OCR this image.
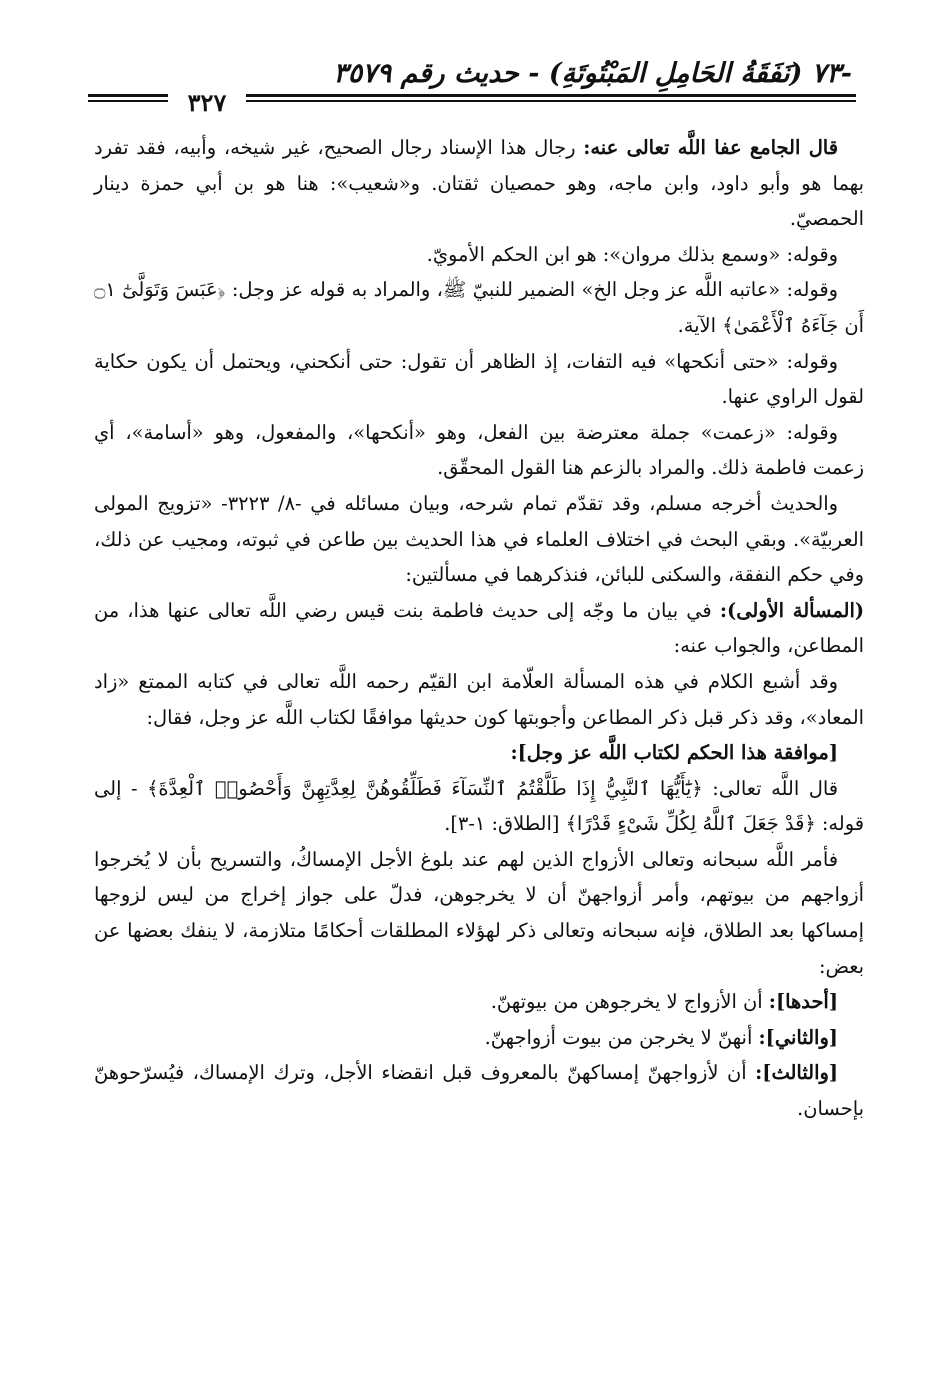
-٧٣ (نَفَقَةُ الحَامِلِ المَبْتُوتَةِ) - حديث رقم ٣٥٧٩
٣٢٧

قال الجامع عفا اللَّه تعالى عنه: رجال هذا الإسناد رجال الصحيح، غير شيخه، وأبيه، فقد تفرد بهما هو وأبو داود، وابن ماجه، وهو حمصيان ثقتان. و«شعيب»: هنا هو بن أبي حمزة دينار الحمصيّ.

وقوله: «وسمع بذلك مروان»: هو ابن الحكم الأمويّ.

وقوله: «عاتبه اللَّه عز وجل الخ» الضمير للنبيّ ﷺ، والمراد به قوله عز وجل: ﴿عَبَسَ وَتَوَلَّىٰٓ ۝١ أَن جَآءَهُ ٱلْأَعْمَىٰ﴾ الآية.

وقوله: «حتى أنكحها» فيه التفات، إذ الظاهر أن تقول: حتى أنكحني، ويحتمل أن يكون حكاية لقول الراوي عنها.

وقوله: «زعمت» جملة معترضة بين الفعل، وهو «أنكحها»، والمفعول، وهو «أسامة»، أي زعمت فاطمة ذلك. والمراد بالزعم هنا القول المحقّق.

والحديث أخرجه مسلم، وقد تقدّم تمام شرحه، وبيان مسائله في -٨/ ٣٢٢٣- «تزويج المولى العربيّة». وبقي البحث في اختلاف العلماء في هذا الحديث بين طاعن في ثبوته، ومجيب عن ذلك، وفي حكم النفقة، والسكنى للبائن، فنذكرهما في مسألتين:

(المسألة الأولى): في بيان ما وجّه إلى حديث فاطمة بنت قيس رضي اللَّه تعالى عنها هذا، من المطاعن، والجواب عنه:

وقد أشبع الكلام في هذه المسألة العلّامة ابن القيّم رحمه اللَّه تعالى في كتابه الممتع «زاد المعاد»، وقد ذكر قبل ذكر المطاعن وأجوبتها كون حديثها موافقًا لكتاب اللَّه عز وجل، فقال:

[موافقة هذا الحكم لكتاب اللَّه عز وجل]:

قال اللَّه تعالى: ﴿يَٰٓأَيُّهَا ٱلنَّبِيُّ إِذَا طَلَّقْتُمُ ٱلنِّسَآءَ فَطَلِّقُوهُنَّ لِعِدَّتِهِنَّ وَأَحْصُوا۟ ٱلْعِدَّةَ﴾ - إلى قوله: ﴿قَدْ جَعَلَ ٱللَّهُ لِكُلِّ شَىْءٍ قَدْرًا﴾ [الطلاق: ١-٣].

فأمر اللَّه سبحانه وتعالى الأزواج الذين لهم عند بلوغ الأجل الإمساكُ، والتسريح بأن لا يُخرجوا أزواجهم من بيوتهم، وأمر أزواجهنّ أن لا يخرجوهن، فدلّ على جواز إخراج من ليس لزوجها إمساكها بعد الطلاق، فإنه سبحانه وتعالى ذكر لهؤلاء المطلقات أحكامًا متلازمة، لا ينفك بعضها عن بعض:

[أحدها]: أن الأزواج لا يخرجوهن من بيوتهنّ.

[والثاني]: أنهنّ لا يخرجن من بيوت أزواجهنّ.

[والثالث]: أن لأزواجهنّ إمساكهنّ بالمعروف قبل انقضاء الأجل، وترك الإمساك، فيُسرّحوهنّ بإحسان.
